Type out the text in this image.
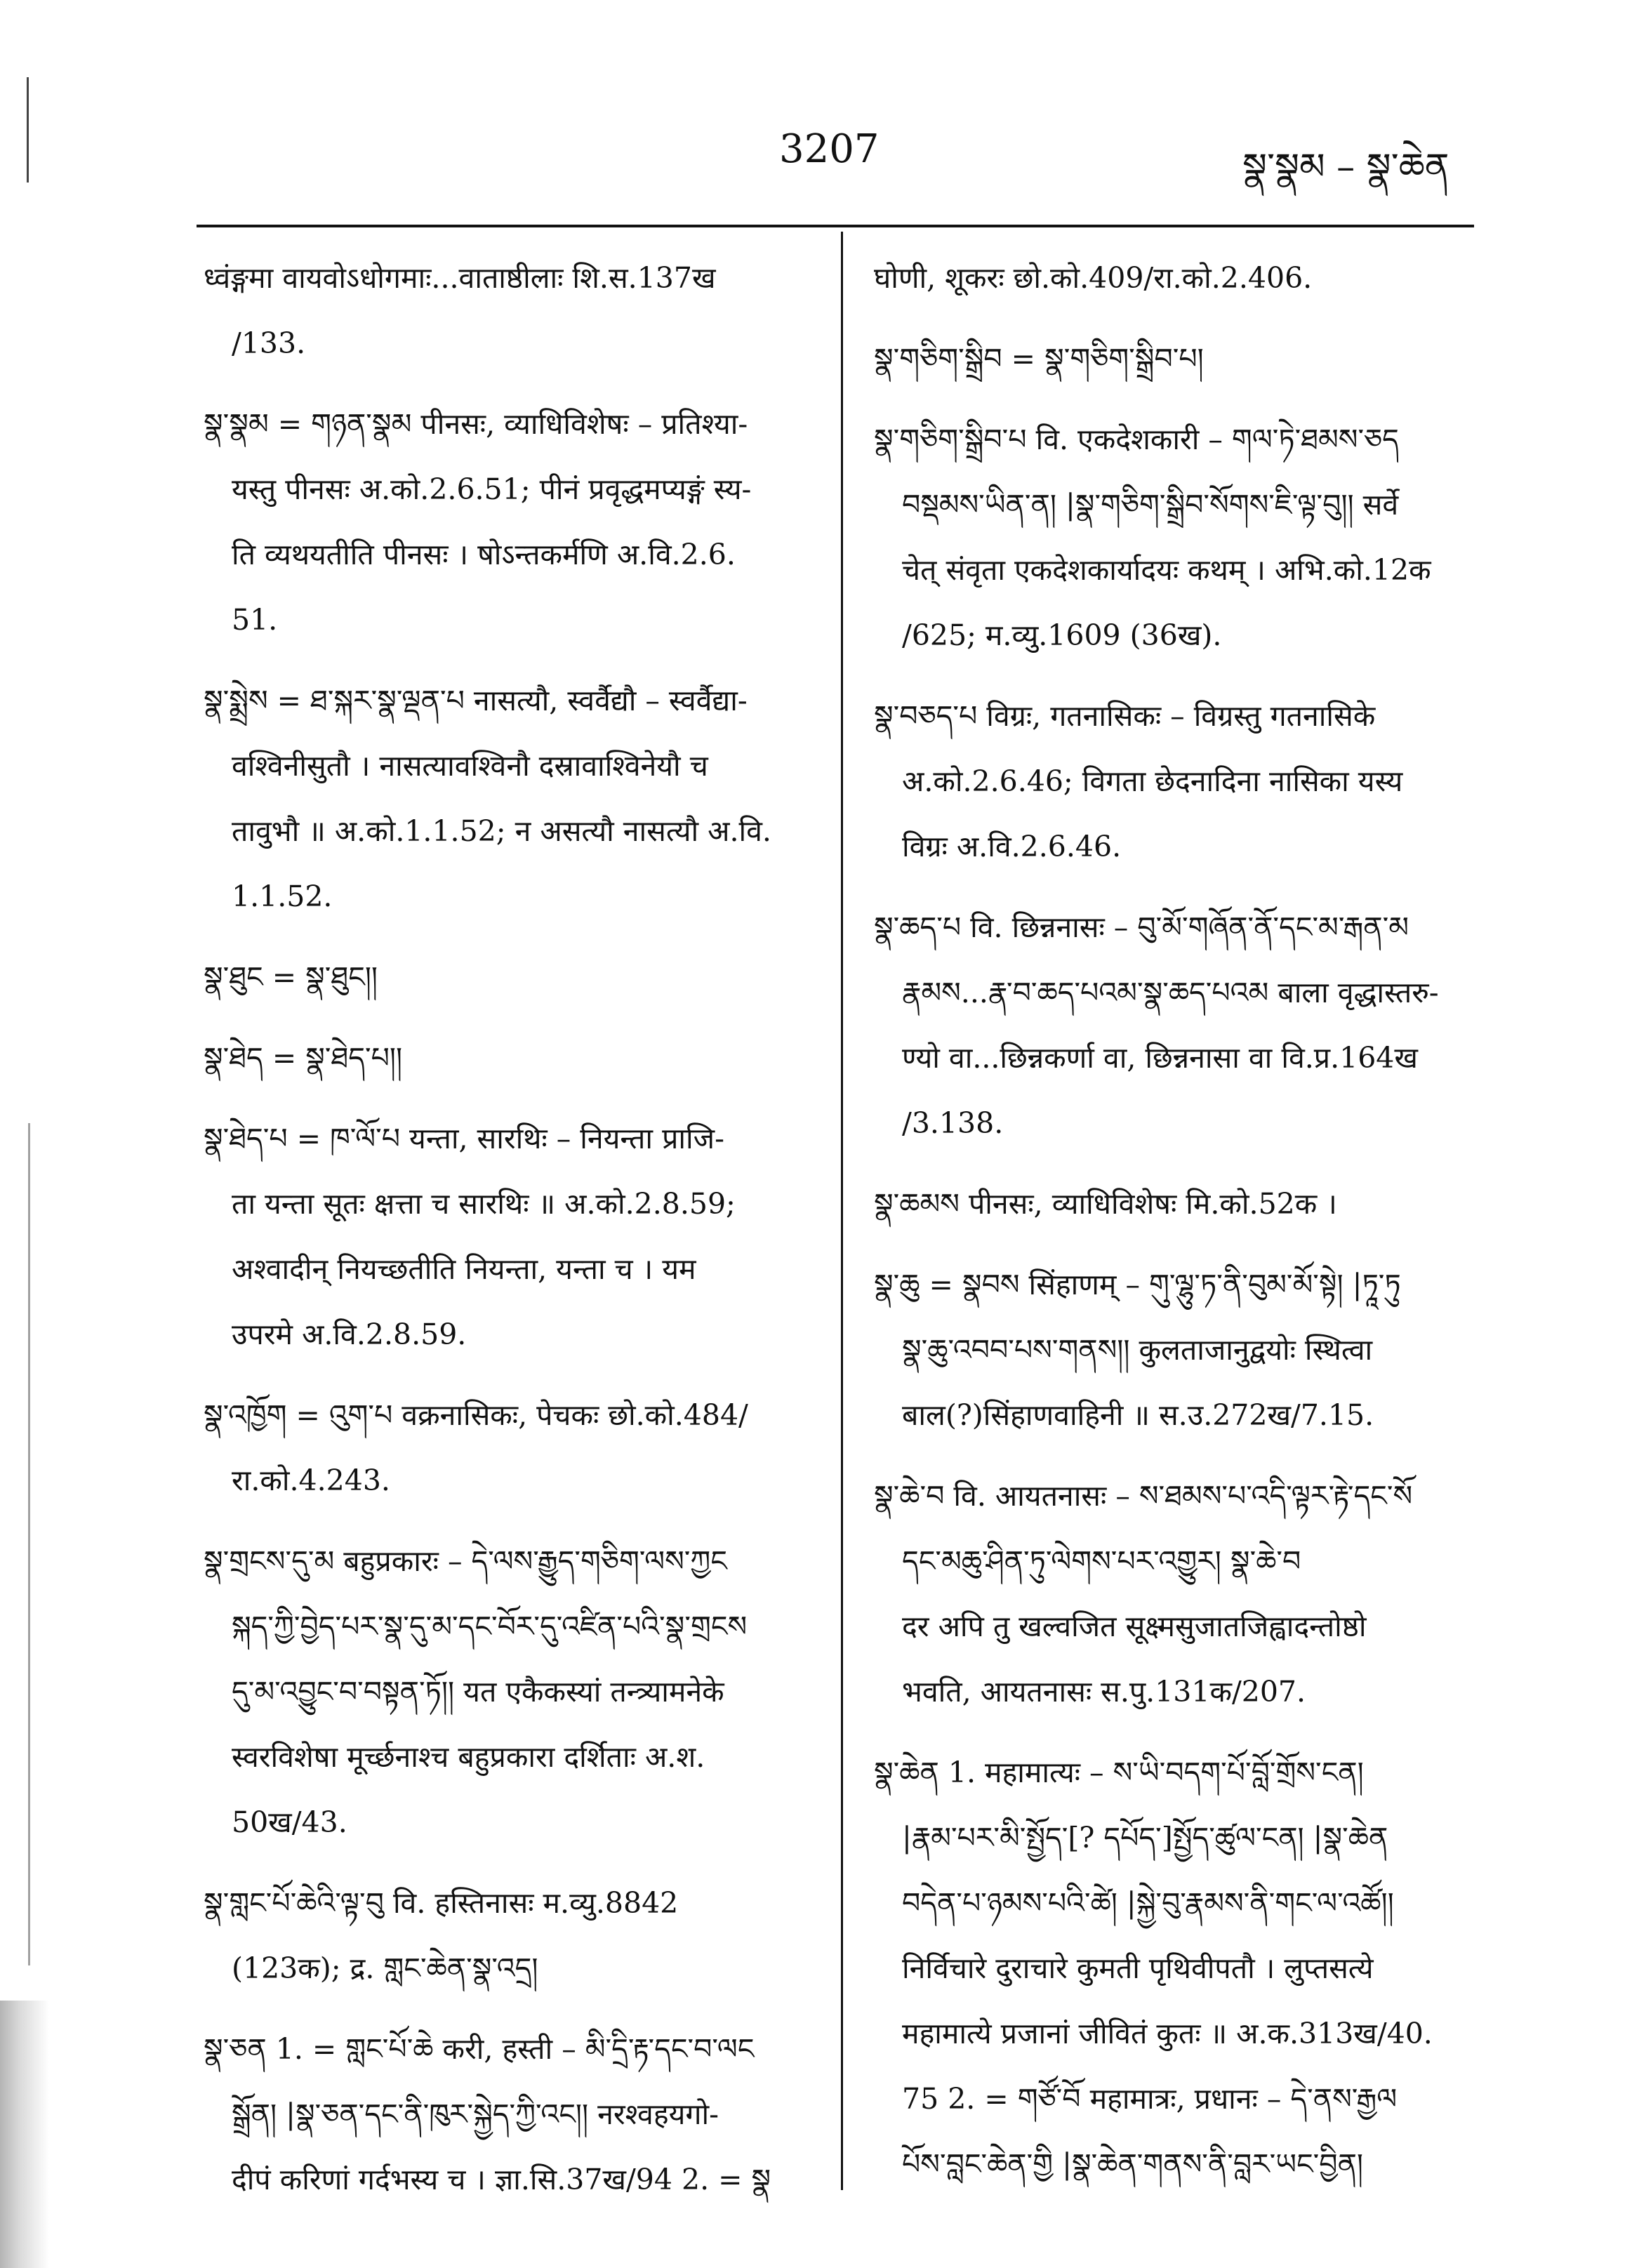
3207	སྣ་སྣམ – སྣ་ཆེན
ध्वंङ्गमा वायवोऽधोगमाः...वाताष्ठीलाः शि.स.137ख
/133.
སྣ་སྣམ = གཉན་སྣམ पीनसः, व्याधिविशेषः – प्रतिश्या-
यस्तु पीनसः अ.को.2.6.51; पीनं प्रवृद्धमप्यङ्गं स्य-
ति व्यथयतीति पीनसः । षोऽन्तकर्मणि अ.वि.2.6.
51.
སྣ་སྨྲེས = ཐ་སྐར་སྣ་ལྡན་པ नासत्यौ, स्वर्वैद्यौ – स्वर्वैद्या-
वश्विनीसुतौ । नासत्यावश्विनौ दस्रावाश्विनेयौ च
तावुभौ ॥ अ.को.1.1.52; न असत्यौ नासत्यौ अ.वि.
1.1.52.
སྣ་ཐུང = སྣ་ཐུང།།
སྣ་ཐེད = སྣ་ཐེད་པ།།
སྣ་ཐེད་པ = ཁ་ལོ་པ यन्ता, सारथिः – नियन्ता प्राजि-
ता यन्ता सूतः क्षत्ता च सारथिः ॥ अ.को.2.8.59;
अश्वादीन् नियच्छतीति नियन्ता, यन्ता च । यम
उपरमे अ.वि.2.8.59.
སྣ་འཁྱོག = འུག་པ वक्रनासिकः, पेचकः छो.को.484/
रा.को.4.243.
སྣ་གྲངས་དུ་མ बहुप्रकारः – དེ་ལས་རྒྱུད་གཅིག་ལས་ཀྱང
སྐད་ཀྱི་བྱེད་པར་སྣ་དུ་མ་དང་བོར་དུ་འཛིན་པའི་སྣ་གྲངས
དུ་མ་འབྱུང་བ་བསྟན་ཏོ།། यत एकैकस्यां तन्त्र्यामनेके
स्वरविशेषा मूर्च्छनाश्च बहुप्रकारा दर्शिताः अ.श.
50ख/43.
སྣ་གླང་པོ་ཆེའི་ལྟ་བུ वि. हस्तिनासः म.व्यु.8842
(123क); द्र. གླང་ཆེན་སྣ་འདྲ།
སྣ་ཅན 1. = གླང་པོ་ཆེ करी, हस्ती – མི་དྲི་རྟ་དང་བ་ལང
སྒྲོན། |སྣ་ཅན་དང་ནི་ཁུར་སྐྱེད་ཀྱི་འང།། नरश्वहयगो-
दीपं करिणां गर्दभस्य च । ज्ञा.सि.37ख/94 2. = སྣ
घोणी, शूकरः छो.को.409/रा.को.2.406.
སྣ་གཅིག་སྒྲིབ = སྣ་གཅིག་སྒྲིབ་པ།
སྣ་གཅིག་སྒྲིབ་པ वि. एकदेशकारी – གལ་ཏེ་ཐམས་ཅད
བསྡམས་ཡིན་ན། |སྣ་གཅིག་སྒྲིབ་སོགས་ཇི་ལྟ་བུ།། सर्वे
चेत् संवृता एकदेशकार्यादयः कथम् । अभि.को.12क
/625; म.व्यु.1609 (36ख).
སྣ་བཅད་པ विग्रः, गतनासिकः – विग्रस्तु गतनासिके
अ.को.2.6.46; विगता छेदनादिना नासिका यस्य
विग्रः अ.वि.2.6.46.
སྣ་ཆད་པ वि. छिन्ननासः – བུ་མོ་གཞོན་ནོ་དང་མ་རྒན་མ
རྣམས...རྣ་བ་ཆད་པའམ་སྣ་ཆད་པའམ बाला वृद्धास्तरु-
ण्यो वा...छिन्नकर्णा वा, छिन्ननासा वा वि.प्र.164ख
/3.138.
སྣ་ཆམས पीनसः, व्याधिविशेषः मि.को.52क ।
སྣ་ཆུ = སྣབས सिंहाणम् – གུ་ལྷུ་ཏ་ནི་བུམ་མོ་སྟེ། |ཏཱ་ཏུ
སྣ་ཆུ་འབབ་པས་གནས།། कुलताजानुद्वयोः स्थित्वा
बाल(?)सिंहाणवाहिनी ॥ स.उ.272ख/7.15.
སྣ་ཆེ་བ वि. आयतनासः – ས་ཐམས་པ་འདི་ལྟར་རྟེ་དང་སོ
དང་མཆུ་ཤིན་ཏུ་ལེགས་པར་འགྱུར། སྣ་ཆེ་བ
दर अपि तु खल्वजित सूक्ष्मसुजातजिह्वादन्तोष्ठो
भवति, आयतनासः स.पु.131क/207.
སྣ་ཆེན 1. महामात्यः – ས་ཡི་བདག་པོ་བློ་གྲོས་ངན།
|རྣམ་པར་མི་སྤྱོད་[? དཔོད་]སྤྱོད་ཚུལ་ངན། |སྣ་ཆེན
བདེན་པ་ཉམས་པའི་ཚེ། |སྐྱེ་བུ་རྣམས་ནི་གང་ལ་འཚོ།།
निर्विचारे दुराचारे कुमती पृथिवीपतौ । लुप्तसत्ये
महामात्ये प्रजानां जीवितं कुतः ॥ अ.क.313ख/40.
75 2. = གཙོ་བོ महामात्रः, प्रधानः – དེ་ནས་རྒྱལ
པོས་བླང་ཆེན་གྱི |སྣ་ཆེན་གནས་ནི་བླར་ཡང་བྱིན།
